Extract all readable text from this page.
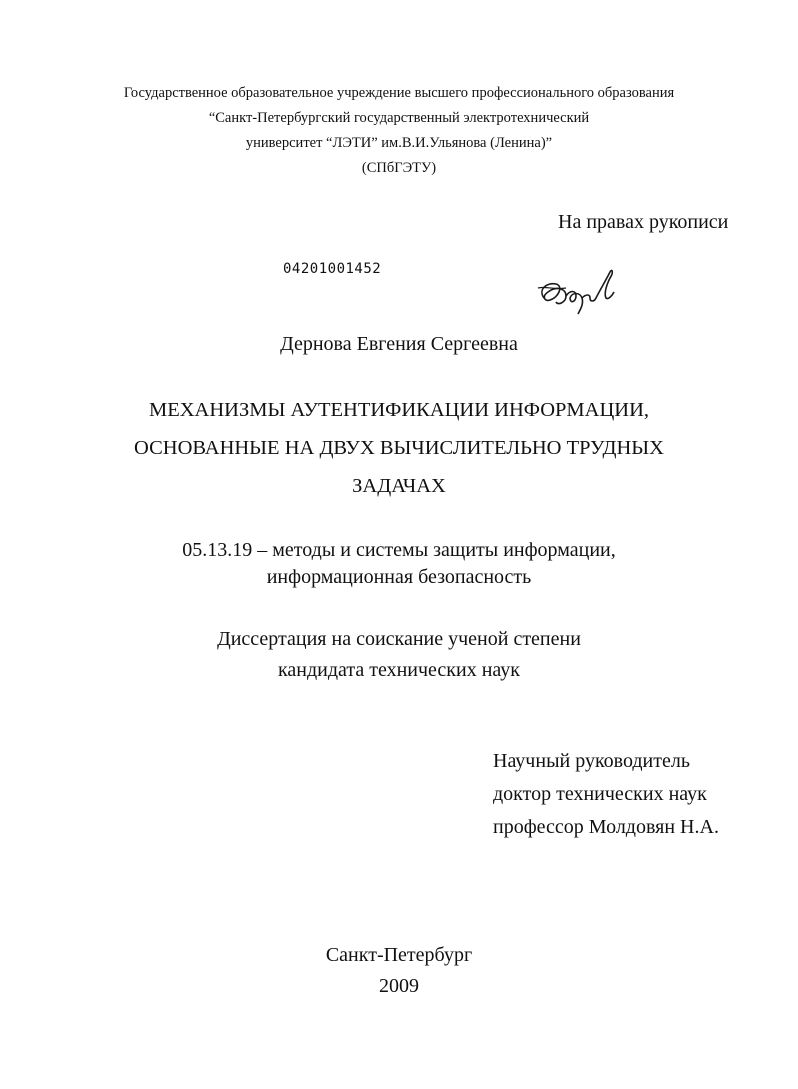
Государственное образовательное учреждение высшего профессионального образования
“Санкт-Петербургский государственный электротехнический
университет “ЛЭТИ” им.В.И.Ульянова (Ленина)”
(СПбГЭТУ)
На правах рукописи
04201001452
Дернова Евгения Сергеевна
МЕХАНИЗМЫ АУТЕНТИФИКАЦИИ ИНФОРМАЦИИ,
ОСНОВАННЫЕ НА ДВУХ ВЫЧИСЛИТЕЛЬНО ТРУДНЫХ
ЗАДАЧАХ
05.13.19 – методы и системы защиты информации,
информационная безопасность
Диссертация на соискание ученой степени
кандидата технических наук
Научный руководитель
доктор технических наук
профессор Молдовян Н.А.
Санкт-Петербург
2009
